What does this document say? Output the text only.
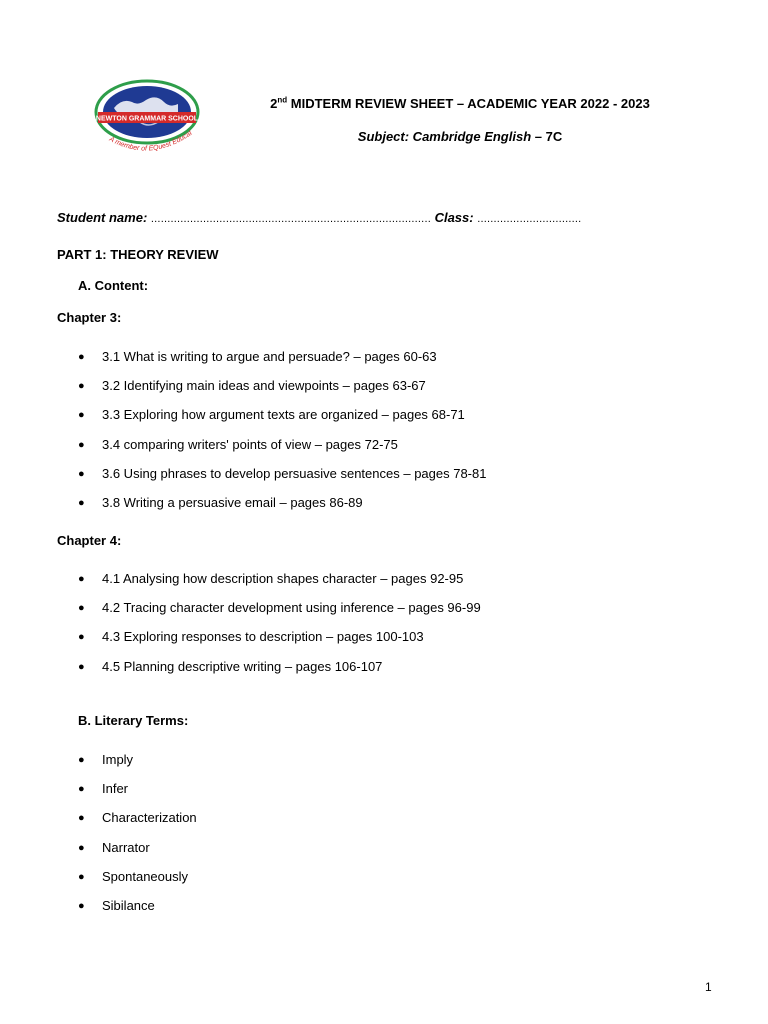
NEWTON GRAMMAR SCHOOL
A member of EQuest Educat
2nd MIDTERM REVIEW SHEET – ACADEMIC YEAR 2022 - 2023
Subject: Cambridge English – 7C
Student name: ...................................................................................... Class: ................................
PART 1: THEORY REVIEW
A. Content:
Chapter 3:
● 3.1 What is writing to argue and persuade? – pages 60-63
● 3.2 Identifying main ideas and viewpoints – pages 63-67
● 3.3 Exploring how argument texts are organized – pages 68-71
● 3.4 comparing writers' points of view – pages 72-75
● 3.6 Using phrases to develop persuasive sentences – pages 78-81
● 3.8 Writing a persuasive email – pages 86-89
Chapter 4:
● 4.1 Analysing how description shapes character – pages 92-95
● 4.2 Tracing character development using inference – pages 96-99
● 4.3 Exploring responses to description – pages 100-103
● 4.5 Planning descriptive writing – pages 106-107
B. Literary Terms:
● Imply
● Infer
● Characterization
● Narrator
● Spontaneously
● Sibilance
1
